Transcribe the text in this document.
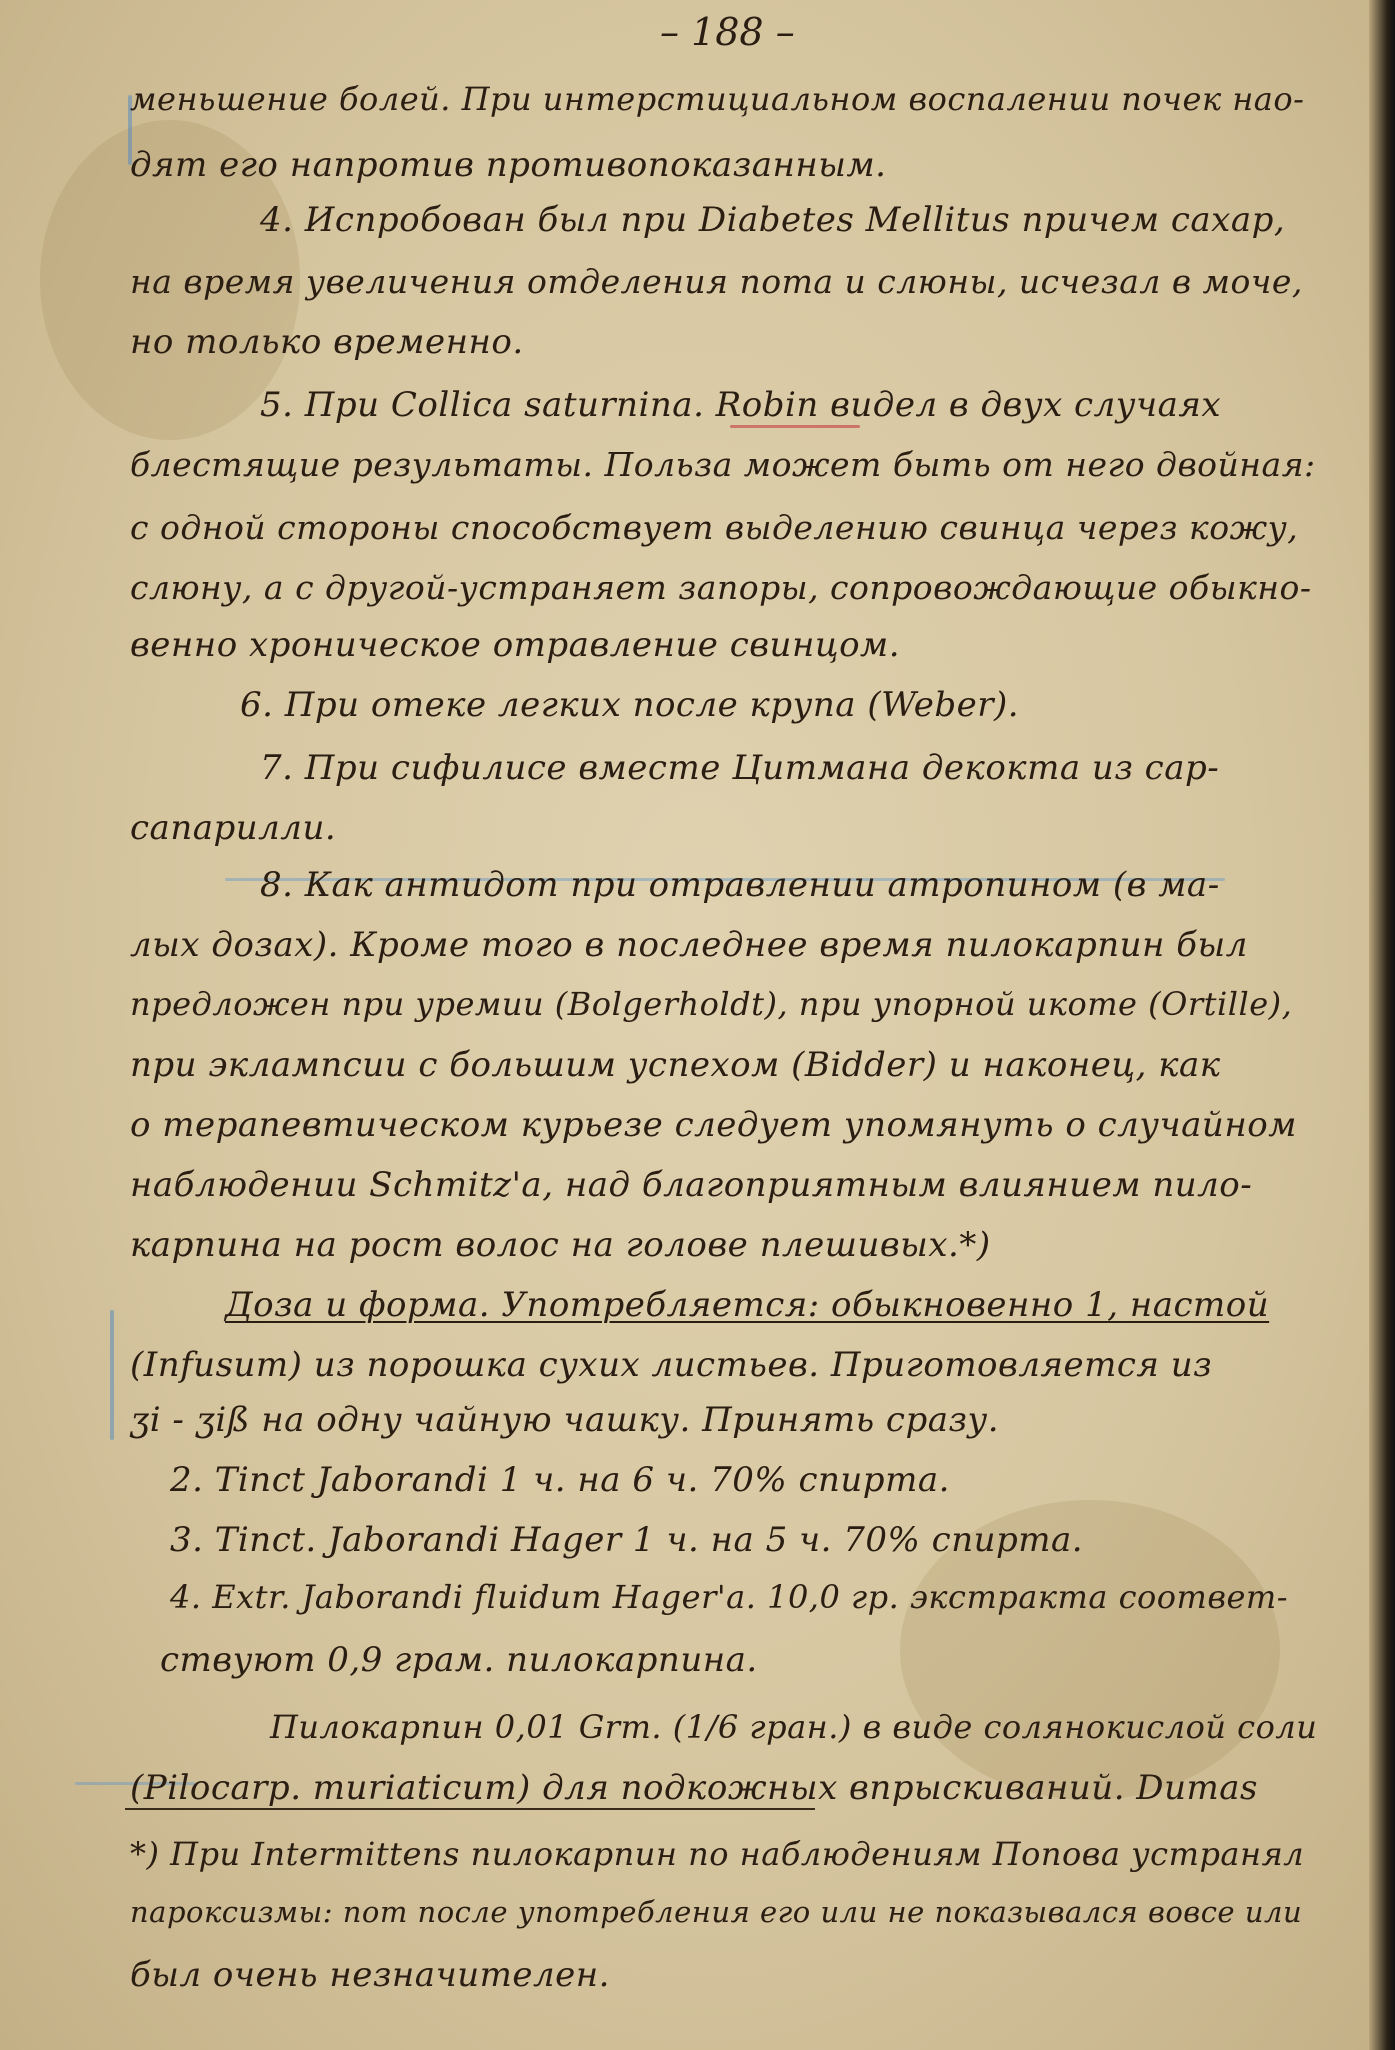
– 188 –
меньшение болей. При интерстициальном воспалении почек нао-
дят его напротив противопоказанным.
4. Испробован был при Diabetes Mellitus причем сахар,
на время увеличения отделения пота и слюны, исчезал в моче,
но только временно.
5. При Collica saturnina. Robin видел в двух случаях
блестящие результаты. Польза может быть от него двойная:
с одной стороны способствует выделению свинца через кожу,
слюну, а с другой-устраняет запоры, сопровождающие обыкно-
венно хроническое отравление свинцом.
6. При отеке легких после крупа (Weber).
7. При сифилисе вместе Цитмана декокта из сар-
сапарилли.
8. Как антидот при отравлении атропином (в ма-
лых дозах). Кроме того в последнее время пилокарпин был
предложен при уремии (Bolgerholdt), при упорной икоте (Ortille),
при эклампсии с большим успехом (Bidder) и наконец, как
о терапевтическом курьезе следует упомянуть о случайном
наблюдении Schmitz'a, над благоприятным влиянием пило-
карпина на рост волос на голове плешивых.*)
Доза и форма. Употребляется: обыкновенно 1, настой
(Infusum) из порошка сухих листьев. Приготовляется из
ʒi - ʒiß на одну чайную чашку. Принять сразу.
2. Tinct Jaborandi 1 ч. на 6 ч. 70% спирта.
3. Tinct. Jaborandi Hager 1 ч. на 5 ч. 70% спирта.
4. Extr. Jaborandi fluidum Hager'a. 10,0 гр. экстракта соответ-
ствуют 0,9 грам. пилокарпина.
Пилокарпин 0,01 Grm. (1/6 гран.) в виде солянокислой соли
(Pilocarp. muriaticum) для подкожных впрыскиваний. Dumas
*) При Intermittens пилокарпин по наблюдениям Попова устранял
пароксизмы: пот после употребления его или не показывался вовсе или
был очень незначителен.
